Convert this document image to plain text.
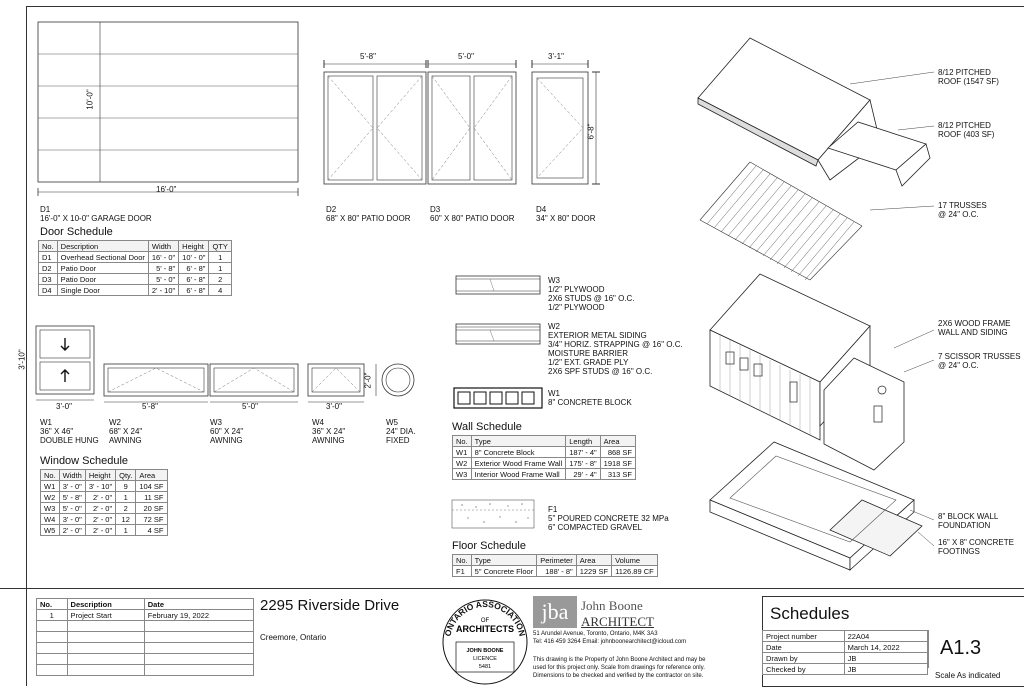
16'-0"
10'-0"
5'-8"	5'-0"	3'-1"
6'-8"
D1
16'-0" X 10-0" GARAGE DOOR
D2
68" X 80" PATIO DOOR
D3
60" X 80" PATIO DOOR
D4
34" X 80" DOOR
Door Schedule
No.	Description	Width	Height	QTY
D1	Overhead Sectional Door	16' - 0"	10' - 0"	1
D2	Patio Door	5' - 8"	6' - 8"	1
D3	Patio Door	5' - 0"	6' - 8"	2
D4	Single Door	2' - 10"	6' - 8"	4
3'-10"
3'-0"	5'-8"	5'-0"	3'-0"
2'-0"
W1
36" X 46"
DOUBLE HUNG
W2
68" X 24"
AWNING
W3
60" X 24"
AWNING
W4
36" X 24"
AWNING
W5
24" DIA.
FIXED
Window Schedule
No.	Width	Height	Qty.	Area
W1	3' - 0"	3' - 10"	9	104 SF
W2	5' - 8"	2' - 0"	1	11 SF
W3	5' - 0"	2' - 0"	2	20 SF
W4	3' - 0"	2' - 0"	12	72 SF
W5	2' - 0"	2' - 0"	1	4 SF
W3
1/2" PLYWOOD
2X6 STUDS @ 16" O.C.
1/2" PLYWOOD
W2
EXTERIOR METAL SIDING
3/4" HORIZ. STRAPPING @ 16" O.C.
MOISTURE BARRIER
1/2" EXT. GRADE PLY
2X6 SPF STUDS @ 16" O.C.
W1
8" CONCRETE BLOCK
Wall Schedule
No.	Type	Length	Area
W1	8" Concrete Block	187' - 4"	868 SF
W2	Exterior Wood Frame Wall	175' - 8"	1918 SF
W3	Interior Wood Frame Wall	29' - 4"	313 SF
F1
5" POURED CONCRETE 32 MPa
6" COMPACTED GRAVEL
Floor Schedule
No.	Type	Perimeter	Area	Volume
F1	5" Concrete Floor	188' - 8"	1229 SF	1126.89 CF
8/12 PITCHED
ROOF (1547 SF)
8/12 PITCHED
ROOF (403 SF)
17 TRUSSES
@ 24" O.C.
2X6 WOOD FRAME
WALL AND SIDING
7 SCISSOR TRUSSES
@ 24" O.C.
8" BLOCK WALL
FOUNDATION
16" X 8" CONCRETE
FOOTINGS
No.	Description	Date
1	Project Start	February 19, 2022

2295 Riverside Drive
Creemore, Ontario
ONTARIO ASSOCIATION
OF
ARCHITECTS
JOHN BOONE
LICENCE
5481
jba John Boone
ARCHITECT
51 Arundel Avenue, Toronto, Ontario, M4K 3A3
Tel: 416 459 3264 Email: johnboonearchitect@icloud.com
This drawing is the Property of John Boone Architect and may be
used for this project only. Scale from drawings for reference only.
Dimensions to be checked and verified by the contractor on site.
Schedules
Project number	22A04
Date	March 14, 2022
Drawn by	JB
Checked by	JB
A1.3
Scale As indicated
